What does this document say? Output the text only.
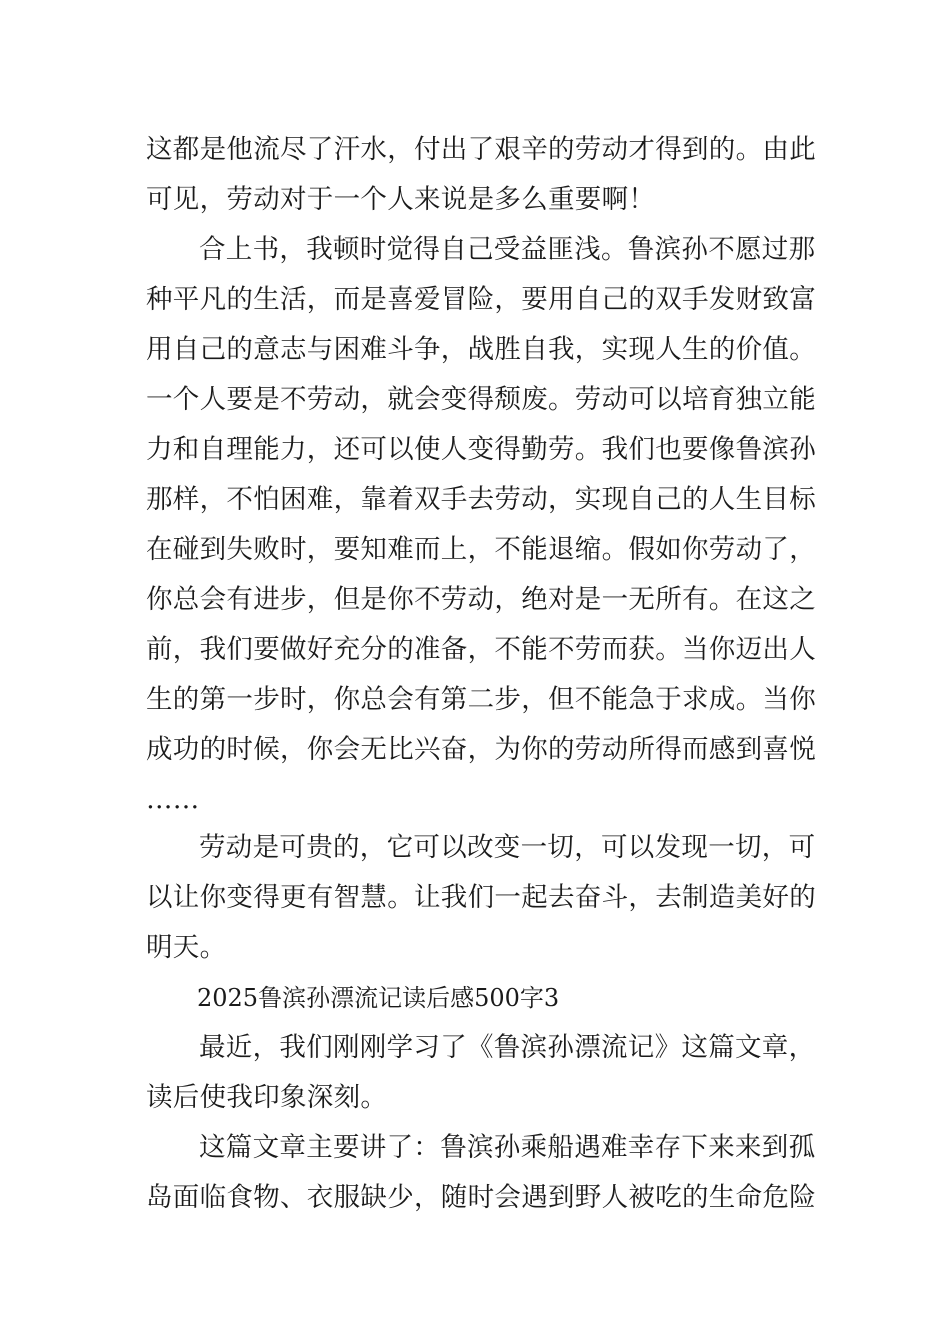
这都是他流尽了汗水，付出了艰辛的劳动才得到的。由此
可见，劳动对于一个人来说是多么重要啊！
合上书，我顿时觉得自己受益匪浅。鲁滨孙不愿过那
种平凡的生活，而是喜爱冒险，要用自己的双手发财致富
用自己的意志与困难斗争，战胜自我，实现人生的价值。
一个人要是不劳动，就会变得颓废。劳动可以培育独立能
力和自理能力，还可以使人变得勤劳。我们也要像鲁滨孙
那样，不怕困难，靠着双手去劳动，实现自己的人生目标
在碰到失败时，要知难而上，不能退缩。假如你劳动了，
你总会有进步，但是你不劳动，绝对是一无所有。在这之
前，我们要做好充分的准备，不能不劳而获。当你迈出人
生的第一步时，你总会有第二步，但不能急于求成。当你
成功的时候，你会无比兴奋，为你的劳动所得而感到喜悦
……
劳动是可贵的，它可以改变一切，可以发现一切，可
以让你变得更有智慧。让我们一起去奋斗，去制造美好的
明天。
2025鲁滨孙漂流记读后感500字3
最近，我们刚刚学习了《鲁滨孙漂流记》这篇文章，
读后使我印象深刻。
这篇文章主要讲了：鲁滨孙乘船遇难幸存下来来到孤
岛面临食物、衣服缺少，随时会遇到野人被吃的生命危险
